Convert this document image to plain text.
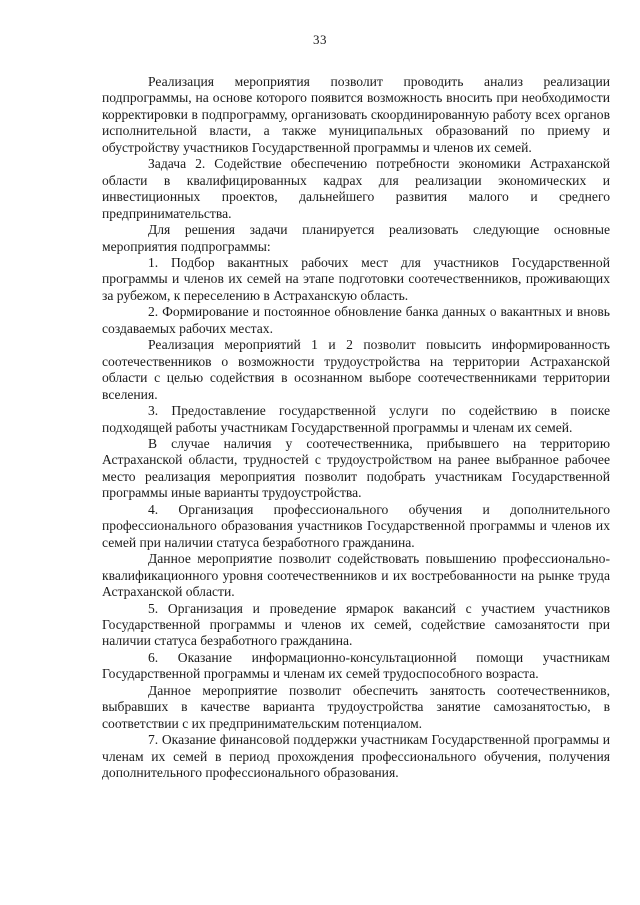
33

Реализация мероприятия позволит проводить анализ реализации подпрограммы, на основе которого появится возможность вносить при необходимости корректировки в подпрограмму, организовать скоординированную работу всех органов исполнительной власти, а также муниципальных образований по приему и обустройству участников Государственной программы и членов их семей.

Задача 2. Содействие обеспечению потребности экономики Астраханской области в квалифицированных кадрах для реализации экономических и инвестиционных проектов, дальнейшего развития малого и среднего предпринимательства.

Для решения задачи планируется реализовать следующие основные мероприятия подпрограммы:

1. Подбор вакантных рабочих мест для участников Государственной программы и членов их семей на этапе подготовки соотечественников, проживающих за рубежом, к переселению в Астраханскую область.

2. Формирование и постоянное обновление банка данных о вакантных и вновь создаваемых рабочих местах.

Реализация мероприятий 1 и 2 позволит повысить информированность соотечественников о возможности трудоустройства на территории Астраханской области с целью содействия в осознанном выборе соотечественниками территории вселения.

3. Предоставление государственной услуги по содействию в поиске подходящей работы участникам Государственной программы и членам их семей.

В случае наличия у соотечественника, прибывшего на территорию Астраханской области, трудностей с трудоустройством на ранее выбранное рабочее место реализация мероприятия позволит подобрать участникам Государственной программы иные варианты трудоустройства.

4. Организация профессионального обучения и дополнительного профессионального образования участников Государственной программы и членов их семей при наличии статуса безработного гражданина.

Данное мероприятие позволит содействовать повышению профессионально-квалификационного уровня соотечественников и их востребованности на рынке труда Астраханской области.

5. Организация и проведение ярмарок вакансий с участием участников Государственной программы и членов их семей, содействие самозанятости при наличии статуса безработного гражданина.

6. Оказание информационно-консультационной помощи участникам Государственной программы и членам их семей трудоспособного возраста.

Данное мероприятие позволит обеспечить занятость соотечественников, выбравших в качестве варианта трудоустройства занятие самозанятостью, в соответствии с их предпринимательским потенциалом.

7. Оказание финансовой поддержки участникам Государственной программы и членам их семей в период прохождения профессионального обучения, получения дополнительного профессионального образования.
